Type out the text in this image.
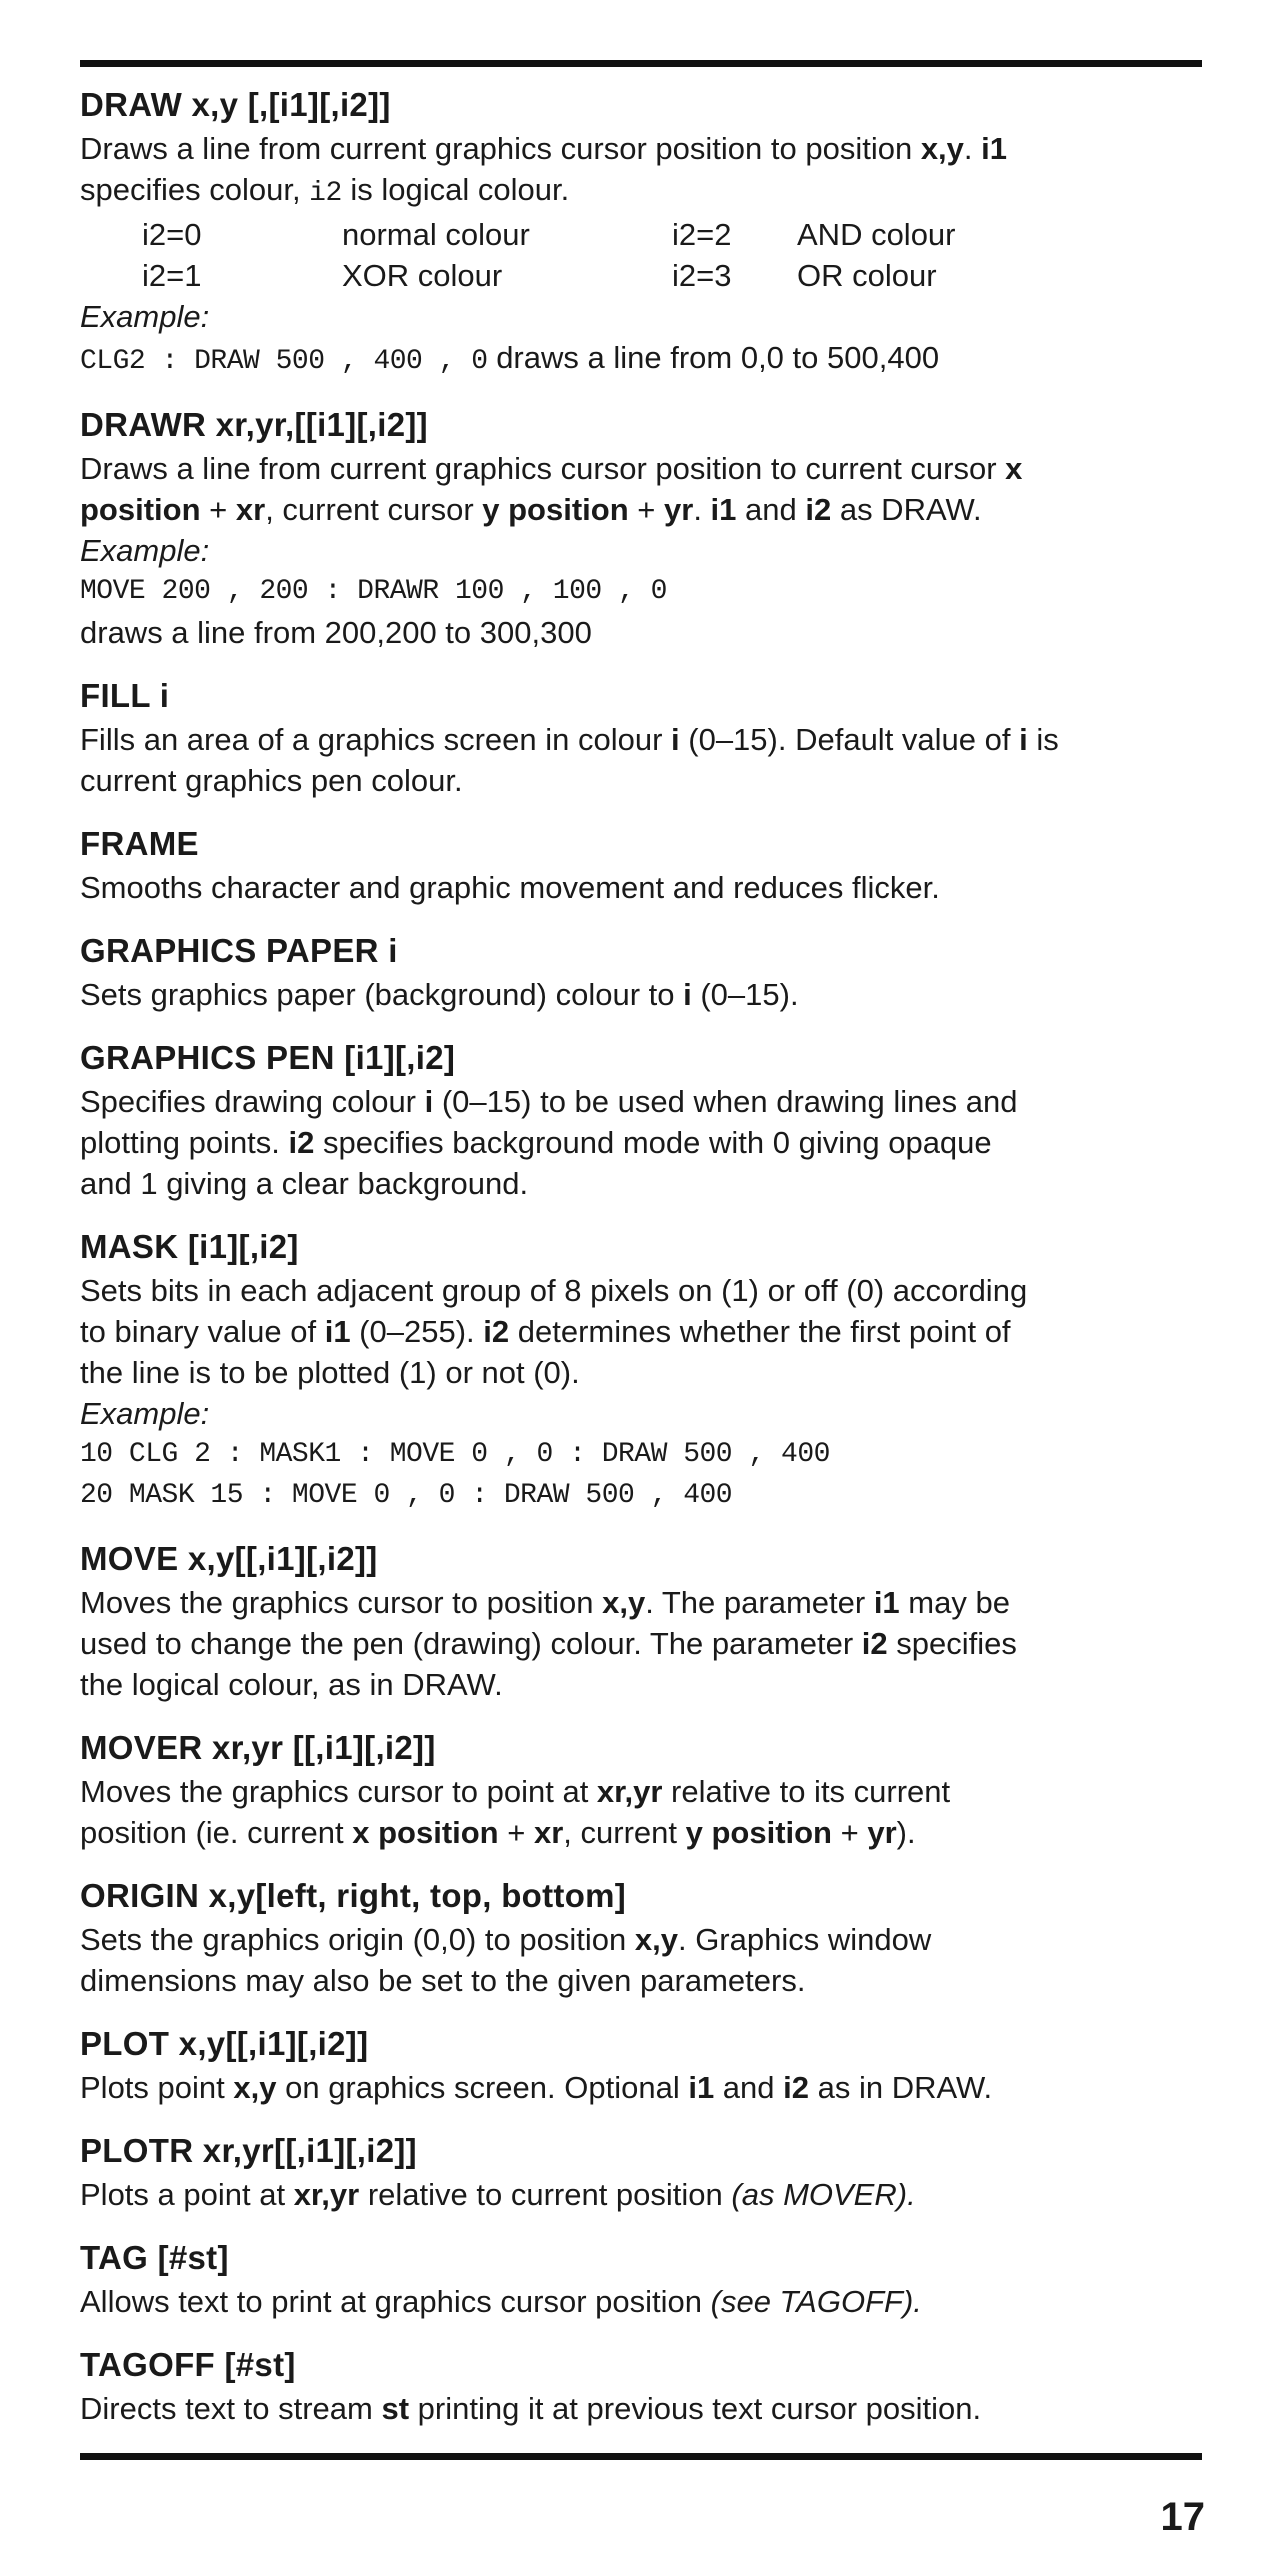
DRAW x,y [,[i1][,i2]]
Draws a line from current graphics cursor position to position x,y. i1
specifies colour, i2 is logical colour.
i2=0	normal colour	i2=2	AND colour
i2=1	XOR colour	i2=3	OR colour
Example:
CLG2 : DRAW 500 , 400 , 0 draws a line from 0,0 to 500,400
DRAWR xr,yr,[[i1][,i2]]
Draws a line from current graphics cursor position to current cursor x
position + xr, current cursor y position + yr. i1 and i2 as DRAW.
Example:
MOVE 200 , 200 : DRAWR 100 , 100 , 0
draws a line from 200,200 to 300,300
FILL i
Fills an area of a graphics screen in colour i (0–15). Default value of i is
current graphics pen colour.
FRAME
Smooths character and graphic movement and reduces flicker.
GRAPHICS PAPER i
Sets graphics paper (background) colour to i (0–15).
GRAPHICS PEN [i1][,i2]
Specifies drawing colour i (0–15) to be used when drawing lines and
plotting points. i2 specifies background mode with 0 giving opaque
and 1 giving a clear background.
MASK [i1][,i2]
Sets bits in each adjacent group of 8 pixels on (1) or off (0) according
to binary value of i1 (0–255). i2 determines whether the first point of
the line is to be plotted (1) or not (0).
Example:
10 CLG 2 : MASK1 : MOVE 0 , 0 : DRAW 500 , 400
20 MASK 15 : MOVE 0 , 0 : DRAW 500 , 400
MOVE x,y[[,i1][,i2]]
Moves the graphics cursor to position x,y. The parameter i1 may be
used to change the pen (drawing) colour. The parameter i2 specifies
the logical colour, as in DRAW.
MOVER xr,yr [[,i1][,i2]]
Moves the graphics cursor to point at xr,yr relative to its current
position (ie. current x position + xr, current y position + yr).
ORIGIN x,y[left, right, top, bottom]
Sets the graphics origin (0,0) to position x,y. Graphics window
dimensions may also be set to the given parameters.
PLOT x,y[[,i1][,i2]]
Plots point x,y on graphics screen. Optional i1 and i2 as in DRAW.
PLOTR xr,yr[[,i1][,i2]]
Plots a point at xr,yr relative to current position (as MOVER).
TAG [#st]
Allows text to print at graphics cursor position (see TAGOFF).
TAGOFF [#st]
Directs text to stream st printing it at previous text cursor position.
17
